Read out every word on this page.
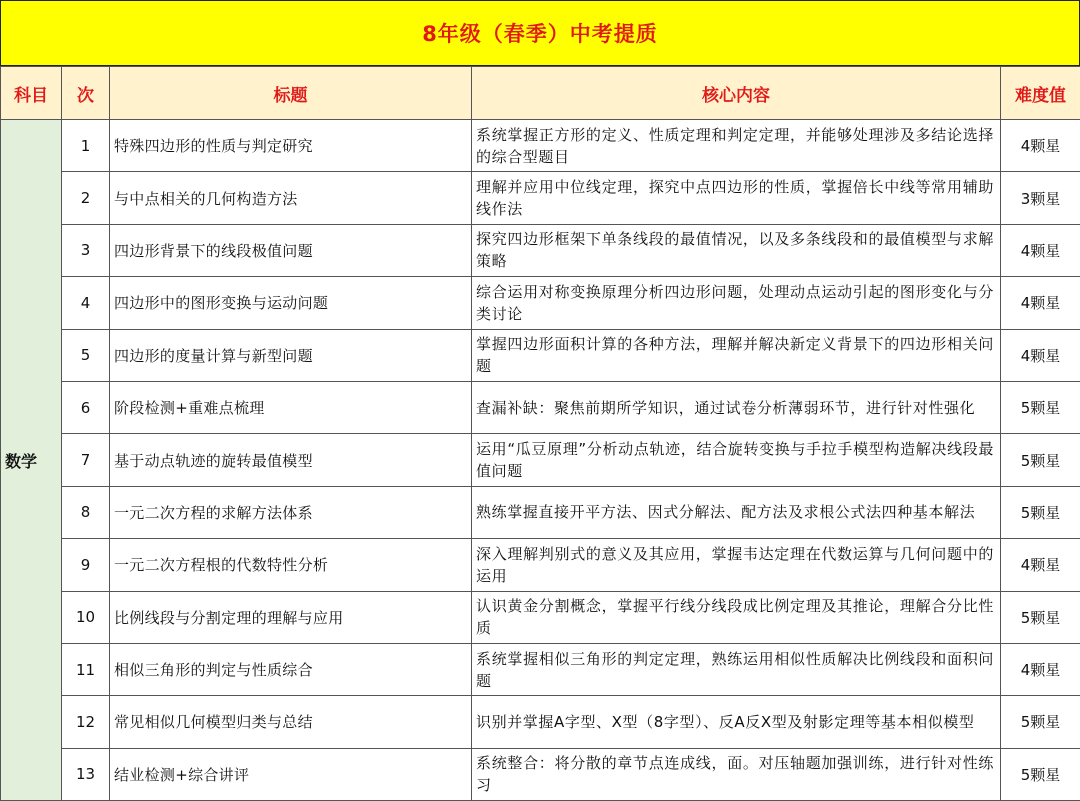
8年级（春季）中考提质
科目	次	标题	核心内容	难度值
数学	1	特殊四边形的性质与判定研究	系统掌握正方形的定义、性质定理和判定定理，并能够处理涉及多结论选择的综合型题目	4颗星
	2	与中点相关的几何构造方法	理解并应用中位线定理，探究中点四边形的性质，掌握倍长中线等常用辅助线作法	3颗星
	3	四边形背景下的线段极值问题	探究四边形框架下单条线段的最值情况，以及多条线段和的最值模型与求解策略	4颗星
	4	四边形中的图形变换与运动问题	综合运用对称变换原理分析四边形问题，处理动点运动引起的图形变化与分类讨论	4颗星
	5	四边形的度量计算与新型问题	掌握四边形面积计算的各种方法，理解并解决新定义背景下的四边形相关问题	4颗星
	6	阶段检测+重难点梳理	查漏补缺：聚焦前期所学知识，通过试卷分析薄弱环节，进行针对性强化	5颗星
	7	基于动点轨迹的旋转最值模型	运用“瓜豆原理”分析动点轨迹，结合旋转变换与手拉手模型构造解决线段最值问题	5颗星
	8	一元二次方程的求解方法体系	熟练掌握直接开平方法、因式分解法、配方法及求根公式法四种基本解法	5颗星
	9	一元二次方程根的代数特性分析	深入理解判别式的意义及其应用，掌握韦达定理在代数运算与几何问题中的运用	4颗星
	10	比例线段与分割定理的理解与应用	认识黄金分割概念，掌握平行线分线段成比例定理及其推论，理解合分比性质	5颗星
	11	相似三角形的判定与性质综合	系统掌握相似三角形的判定定理，熟练运用相似性质解决比例线段和面积问题	4颗星
	12	常见相似几何模型归类与总结	识别并掌握A字型、X型（8字型）、反A反X型及射影定理等基本相似模型	5颗星
	13	结业检测+综合讲评	系统整合：将分散的章节点连成线，面。对压轴题加强训练，进行针对性练习	5颗星
